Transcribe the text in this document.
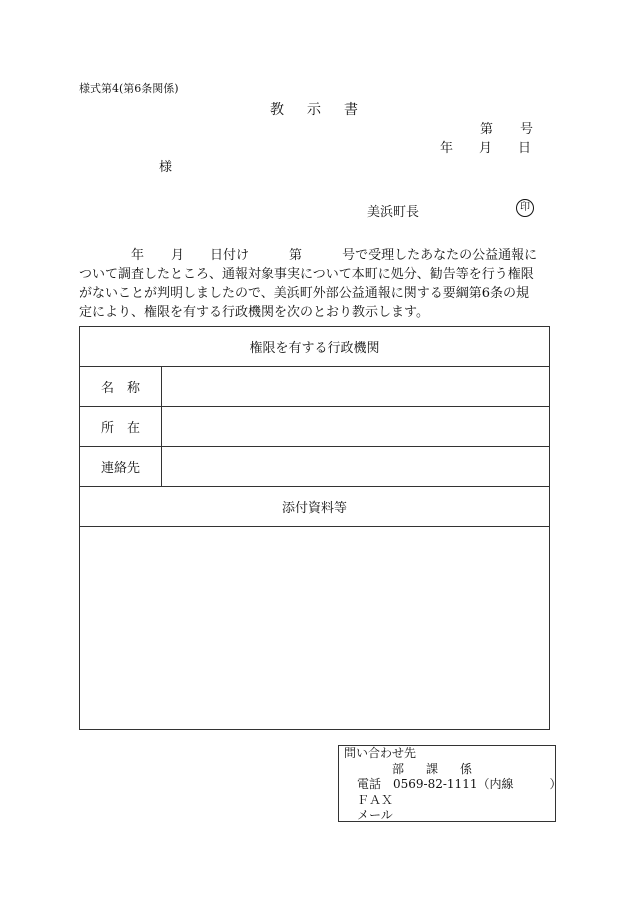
様式第4(第6条関係)
教 示 書
第 号
年 月 日
様
美浜町長	印
年 月 日付け	第	号で受理したあなたの公益通報に
ついて調査したところ、通報対象事実について本町に処分、勧告等を行う権限
がないことが判明しましたので、美浜町外部公益通報に関する要綱第6条の規
定により、権限を有する行政機関を次のとおり教示します。
権限を有する行政機関	
名　称	
所　在	
連絡先	
添付資料等	

問い合わせ先
部 課 係
電話　0569-82-1111（内線　　　）
ＦＡＸ
メール
